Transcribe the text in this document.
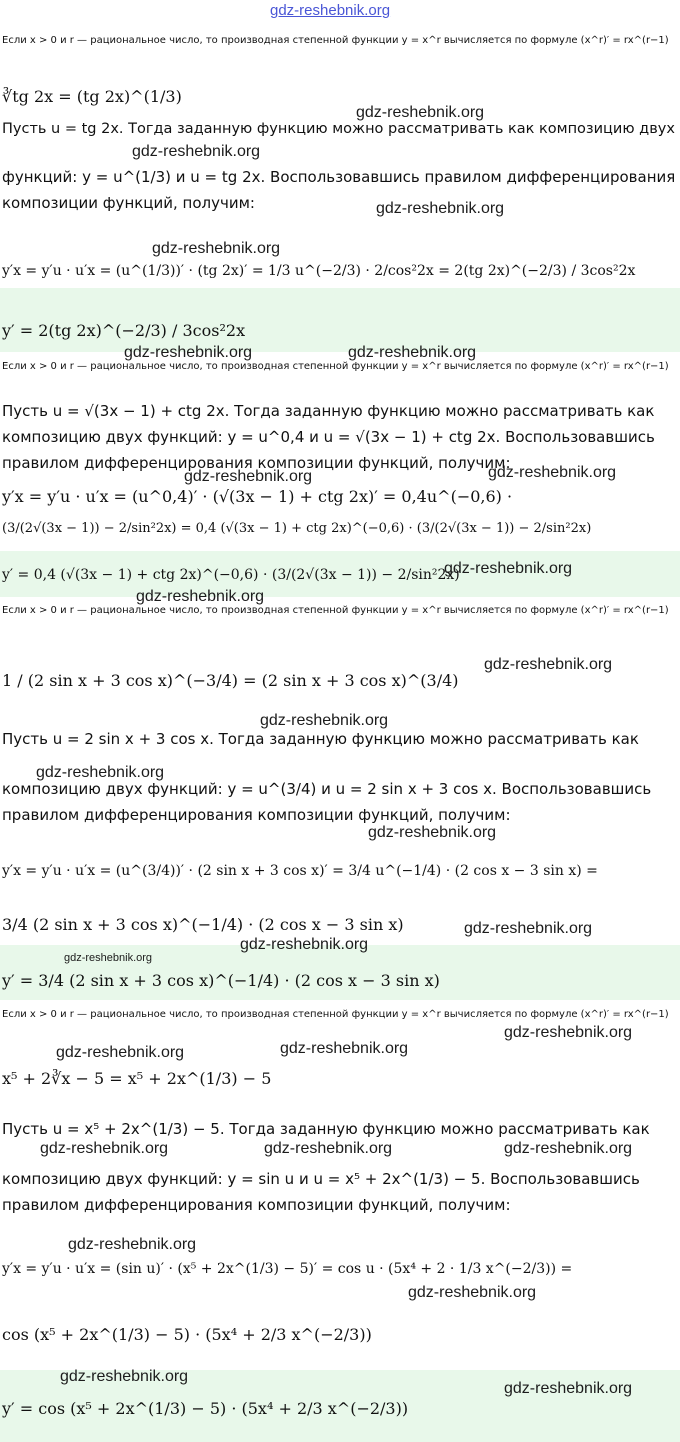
gdz-reshebnik.org
gdz-reshebnik.org
gdz-reshebnik.org
gdz-reshebnik.org
gdz-reshebnik.org
gdz-reshebnik.org	gdz-reshebnik.org
gdz-reshebnik.org
gdz-reshebnik.org
gdz-reshebnik.org
gdz-reshebnik.org
gdz-reshebnik.org
gdz-reshebnik.org
gdz-reshebnik.org
gdz-reshebnik.org
gdz-reshebnik.org
gdz-reshebnik.org
gdz-reshebnik.org
gdz-reshebnik.org
gdz-reshebnik.org	gdz-reshebnik.org
gdz-reshebnik.org	gdz-reshebnik.org	gdz-reshebnik.org
gdz-reshebnik.org
gdz-reshebnik.org
gdz-reshebnik.org
gdz-reshebnik.org
Если x > 0 и r — рациональное число, то производная степенной функции y = x^r вычисляется по формуле (x^r)′ = rx^(r−1)
∛tg 2x = (tg 2x)^(1/3)
Пусть u = tg 2x. Тогда заданную функцию можно рассматривать как композицию двух
функций: y = u^(1/3) и u = tg 2x. Воспользовавшись правилом дифференцирования
композиции функций, получим:
y′x = y′u · u′x = (u^(1/3))′ · (tg 2x)′ = 1/3 u^(−2/3) · 2/cos²2x = 2(tg 2x)^(−2/3) / 3cos²2x
y′ = 2(tg 2x)^(−2/3) / 3cos²2x
Если x > 0 и r — рациональное число, то производная степенной функции y = x^r вычисляется по формуле (x^r)′ = rx^(r−1)
Пусть u = √(3x − 1) + ctg 2x. Тогда заданную функцию можно рассматривать как
композицию двух функций: y = u^0,4 и u = √(3x − 1) + ctg 2x. Воспользовавшись
правилом дифференцирования композиции функций, получим:
y′x = y′u · u′x = (u^0,4)′ · (√(3x − 1) + ctg 2x)′ = 0,4u^(−0,6) ·
(3/(2√(3x − 1)) − 2/sin²2x) = 0,4 (√(3x − 1) + ctg 2x)^(−0,6) · (3/(2√(3x − 1)) − 2/sin²2x)
y′ = 0,4 (√(3x − 1) + ctg 2x)^(−0,6) · (3/(2√(3x − 1)) − 2/sin²2x)
Если x > 0 и r — рациональное число, то производная степенной функции y = x^r вычисляется по формуле (x^r)′ = rx^(r−1)
1 / (2 sin x + 3 cos x)^(−3/4) = (2 sin x + 3 cos x)^(3/4)
Пусть u = 2 sin x + 3 cos x. Тогда заданную функцию можно рассматривать как
композицию двух функций: y = u^(3/4) и u = 2 sin x + 3 cos x. Воспользовавшись
правилом дифференцирования композиции функций, получим:
y′x = y′u · u′x = (u^(3/4))′ · (2 sin x + 3 cos x)′ = 3/4 u^(−1/4) · (2 cos x − 3 sin x) =
3/4 (2 sin x + 3 cos x)^(−1/4) · (2 cos x − 3 sin x)
y′ = 3/4 (2 sin x + 3 cos x)^(−1/4) · (2 cos x − 3 sin x)
Если x > 0 и r — рациональное число, то производная степенной функции y = x^r вычисляется по формуле (x^r)′ = rx^(r−1)
x⁵ + 2∛x − 5 = x⁵ + 2x^(1/3) − 5
Пусть u = x⁵ + 2x^(1/3) − 5. Тогда заданную функцию можно рассматривать как
композицию двух функций: y = sin u и u = x⁵ + 2x^(1/3) − 5. Воспользовавшись
правилом дифференцирования композиции функций, получим:
y′x = y′u · u′x = (sin u)′ · (x⁵ + 2x^(1/3) − 5)′ = cos u · (5x⁴ + 2 · 1/3 x^(−2/3)) =
cos (x⁵ + 2x^(1/3) − 5) · (5x⁴ + 2/3 x^(−2/3))
y′ = cos (x⁵ + 2x^(1/3) − 5) · (5x⁴ + 2/3 x^(−2/3))
